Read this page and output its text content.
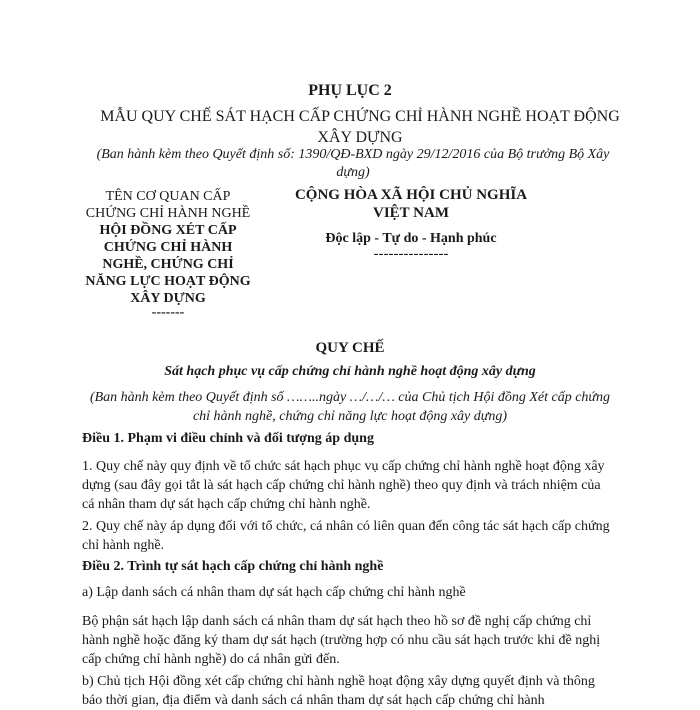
PHỤ LỤC 2
MẪU QUY CHẾ SÁT HẠCH CẤP CHỨNG CHỈ HÀNH NGHỀ HOẠT ĐỘNG XÂY DỰNG
(Ban hành kèm theo Quyết định số: 1390/QĐ-BXD ngày 29/12/2016 của Bộ trưởng Bộ Xây dựng)
TÊN CƠ QUAN CẤP CHỨNG CHỈ HÀNH NGHỀ
HỘI ĐỒNG XÉT CẤP CHỨNG CHỈ HÀNH NGHỀ, CHỨNG CHỈ NĂNG LỰC HOẠT ĐỘNG XÂY DỰNG
-------
CỘNG HÒA XÃ HỘI CHỦ NGHĨA VIỆT NAM
Độc lập - Tự do - Hạnh phúc
---------------
QUY CHẾ
Sát hạch phục vụ cấp chứng chỉ hành nghề hoạt động xây dựng
(Ban hành kèm theo Quyết định số ……..ngày …/…/… của Chủ tịch Hội đồng Xét cấp chứng chỉ hành nghề, chứng chỉ năng lực hoạt động xây dựng)
Điều 1. Phạm vi điều chỉnh và đối tượng áp dụng
1. Quy chế này quy định về tổ chức sát hạch phục vụ cấp chứng chỉ hành nghề hoạt động xây dựng (sau đây gọi tắt là sát hạch cấp chứng chỉ hành nghề) theo quy định và trách nhiệm của cá nhân tham dự sát hạch cấp chứng chỉ hành nghề.
2. Quy chế này áp dụng đối với tổ chức, cá nhân có liên quan đến công tác sát hạch cấp chứng chỉ hành nghề.
Điều 2. Trình tự sát hạch cấp chứng chỉ hành nghề
a) Lập danh sách cá nhân tham dự sát hạch cấp chứng chỉ hành nghề
Bộ phận sát hạch lập danh sách cá nhân tham dự sát hạch theo hồ sơ đề nghị cấp chứng chỉ hành nghề hoặc đăng ký tham dự sát hạch (trường hợp có nhu cầu sát hạch trước khi đề nghị cấp chứng chỉ hành nghề) do cá nhân gửi đến.
b) Chủ tịch Hội đồng xét cấp chứng chỉ hành nghề hoạt động xây dựng quyết định và thông báo thời gian, địa điểm và danh sách cá nhân tham dự sát hạch cấp chứng chỉ hành
